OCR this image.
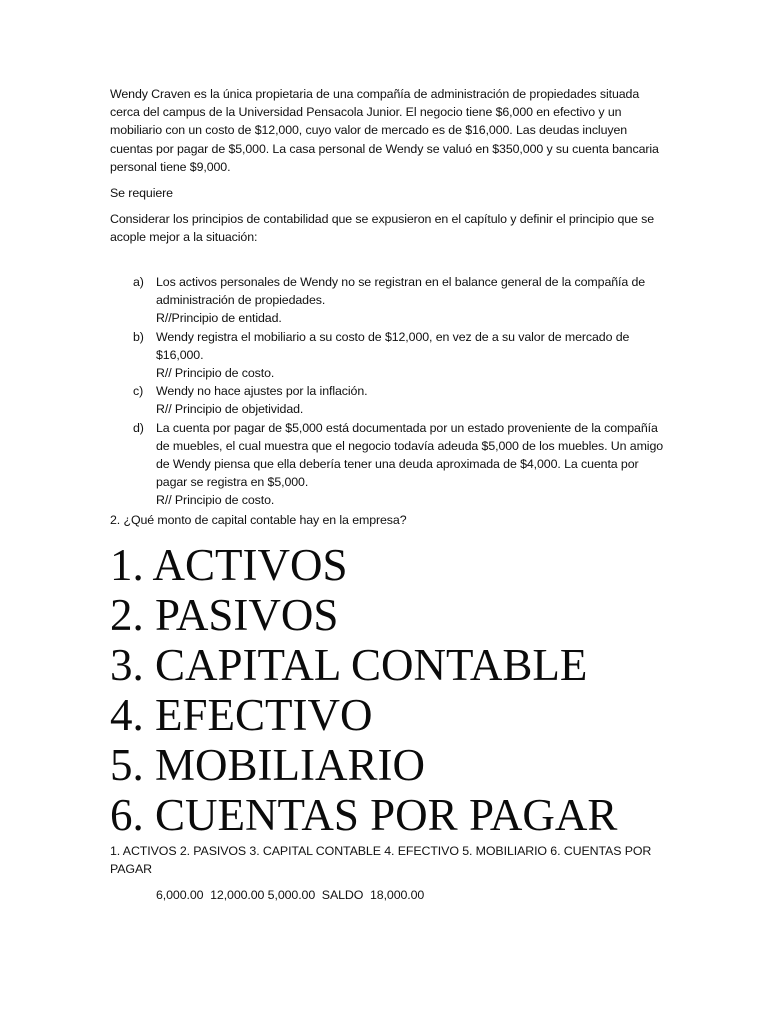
Wendy Craven es la única propietaria de una compañía de administración de propiedades situada cerca del campus de la Universidad Pensacola Junior. El negocio tiene $6,000 en efectivo y un mobiliario con un costo de $12,000, cuyo valor de mercado es de $16,000. Las deudas incluyen cuentas por pagar de $5,000. La casa personal de Wendy se valuó en $350,000 y su cuenta bancaria personal tiene $9,000.

Se requiere

Considerar los principios de contabilidad que se expusieron en el capítulo y definir el principio que se acople mejor a la situación:

a) Los activos personales de Wendy no se registran en el balance general de la compañía de administración de propiedades.
R//Principio de entidad.
b) Wendy registra el mobiliario a su costo de $12,000, en vez de a su valor de mercado de $16,000.
R// Principio de costo.
c) Wendy no hace ajustes por la inflación.
R// Principio de objetividad.
d) La cuenta por pagar de $5,000 está documentada por un estado proveniente de la compañía de muebles, el cual muestra que el negocio todavía adeuda $5,000 de los muebles. Un amigo de Wendy piensa que ella debería tener una deuda aproximada de $4,000. La cuenta por pagar se registra en $5,000.
R// Principio de costo.

2. ¿Qué monto de capital contable hay en la empresa?

1. ACTIVOS
2. PASIVOS
3. CAPITAL CONTABLE
4. EFECTIVO
5. MOBILIARIO
6. CUENTAS POR PAGAR

1. ACTIVOS 2. PASIVOS 3. CAPITAL CONTABLE 4. EFECTIVO 5. MOBILIARIO 6. CUENTAS POR PAGAR

6,000.00  12,000.00 5,000.00  SALDO  18,000.00
